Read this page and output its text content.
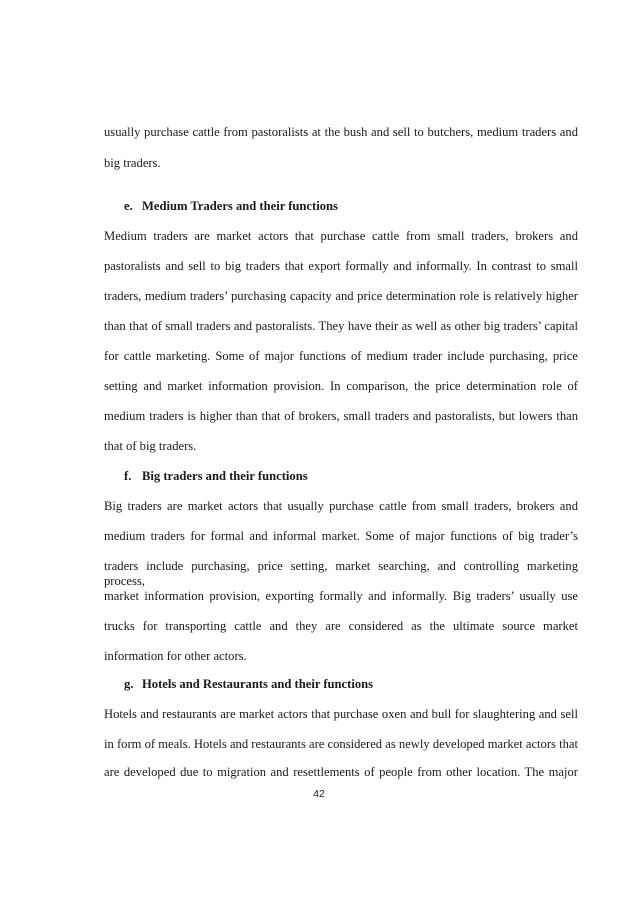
usually purchase cattle from pastoralists at the bush and sell to butchers, medium traders and
big traders.
e. Medium Traders and their functions
Medium traders are market actors that purchase cattle from small traders, brokers and
pastoralists and sell to big traders that export formally and informally. In contrast to small
traders, medium traders’ purchasing capacity and price determination role is relatively higher
than that of small traders and pastoralists. They have their as well as other big traders’ capital
for cattle marketing. Some of major functions of medium trader include purchasing, price
setting and market information provision. In comparison, the price determination role of
medium traders is higher than that of brokers, small traders and pastoralists, but lowers than
that of big traders.
f. Big traders and their functions
Big traders are market actors that usually purchase cattle from small traders, brokers and
medium traders for formal and informal market. Some of major functions of big trader’s
traders include purchasing, price setting, market searching, and controlling marketing process,
market information provision, exporting formally and informally. Big traders’ usually use
trucks for transporting cattle and they are considered as the ultimate source market
information for other actors.
g. Hotels and Restaurants and their functions
Hotels and restaurants are market actors that purchase oxen and bull for slaughtering and sell
in form of meals. Hotels and restaurants are considered as newly developed market actors that
are developed due to migration and resettlements of people from other location. The major
42
